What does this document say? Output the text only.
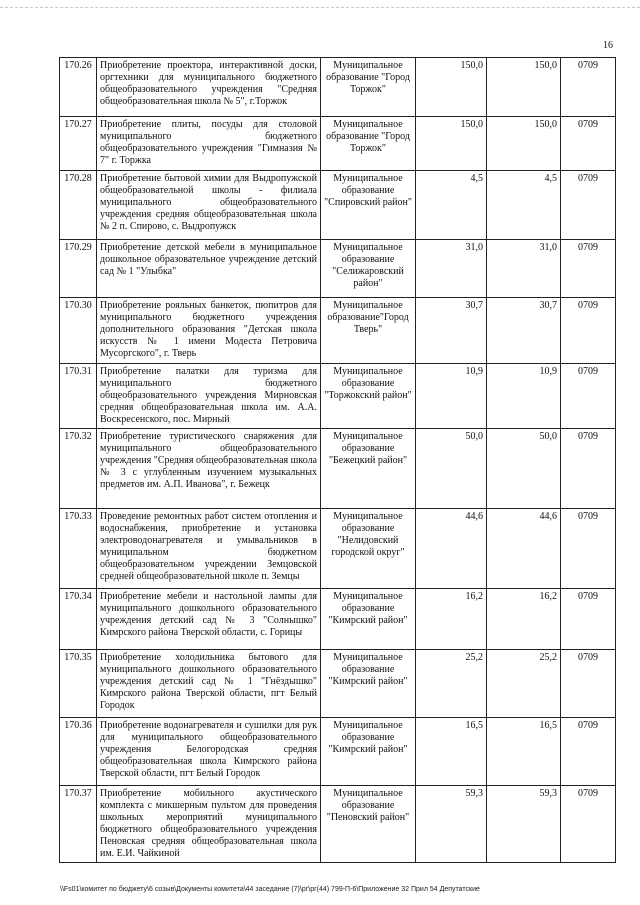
16
170.26	Приобретение проектора, интерактивной доски, оргтехники для муниципального бюджетного общеобразовательного учреждения "Средняя общеобразовательная школа № 5", г.Торжок	Муниципальное образование "Город Торжок"	150,0	150,0	0709
170.27	Приобретение плиты, посуды для столовой муниципального бюджетного общеобразовательного учреждения "Гимназия № 7" г. Торжка	Муниципальное образование "Город Торжок"	150,0	150,0	0709
170.28	Приобретение бытовой химии для Выдропужской общеобразовательной школы - филиала муниципального общеобразовательного учреждения средняя общеобразовательная школа № 2 п. Спирово, с. Выдропужск	Муниципальное образование "Спировский район"	4,5	4,5	0709
170.29	Приобретение детской мебели в муниципальное дошкольное образовательное учреждение детский сад № 1 "Улыбка"	Муниципальное образование "Селижаровский район"	31,0	31,0	0709
170.30	Приобретение рояльных банкеток, пюпитров для муниципального бюджетного учреждения дополнительного образования "Детская школа искусств № 1 имени Модеста Петровича Мусоргского", г. Тверь	Муниципальное образование"Город Тверь"	30,7	30,7	0709
170.31	Приобретение палатки для туризма для муниципального бюджетного общеобразовательного учреждения Мирновская средняя общеобразовательная школа им. А.А. Воскресенского, пос. Мирный	Муниципальное образование "Торжокский район"	10,9	10,9	0709
170.32	Приобретение туристического снаряжения для муниципального общеобразовательного учреждения "Средняя общеобразовательная школа № 3 с углубленным изучением музыкальных предметов им. А.П. Иванова", г. Бежецк	Муниципальное образование "Бежецкий район"	50,0	50,0	0709
170.33	Проведение ремонтных работ систем отопления и водоснабжения, приобретение и установка электроводонагревателя и умывальников в муниципальном бюджетном общеобразовательном учреждении Земцовской средней общеобразовательной школе п. Земцы	Муниципальное образование "Нелидовский городской округ"	44,6	44,6	0709
170.34	Приобретение мебели и настольной лампы для муниципального дошкольного образовательного учреждения детский сад № 3 "Солнышко" Кимрского района Тверской области, с. Горицы	Муниципальное образование "Кимрский район"	16,2	16,2	0709
170.35	Приобретение холодильника бытового для муниципального дошкольного образовательного учреждения детский сад № 1 "Гнёздышко" Кимрского района Тверской области, пгт Белый Городок	Муниципальное образование "Кимрский район"	25,2	25,2	0709
170.36	Приобретение водонагревателя и сушилки для рук для муниципального общеобразовательного учреждения Белогородская средняя общеобразовательная школа Кимрского района Тверской области, пгт Белый Городок	Муниципальное образование "Кимрский район"	16,5	16,5	0709
170.37	Приобретение мобильного акустического комплекта с микшерным пультом для проведения школьных мероприятий муниципального бюджетного общеобразовательного учреждения Пеновская средняя общеобразовательная школа им. Е.И. Чайкиной	Муниципальное образование "Пеновский район"	59,3	59,3	0709
\\Fs01\комитет по бюджету\6 созыв\Документы комитета\44 заседание (7)\рг\рг(44) 799-П-6\Приложение 32 Прил 54 Депутатские
